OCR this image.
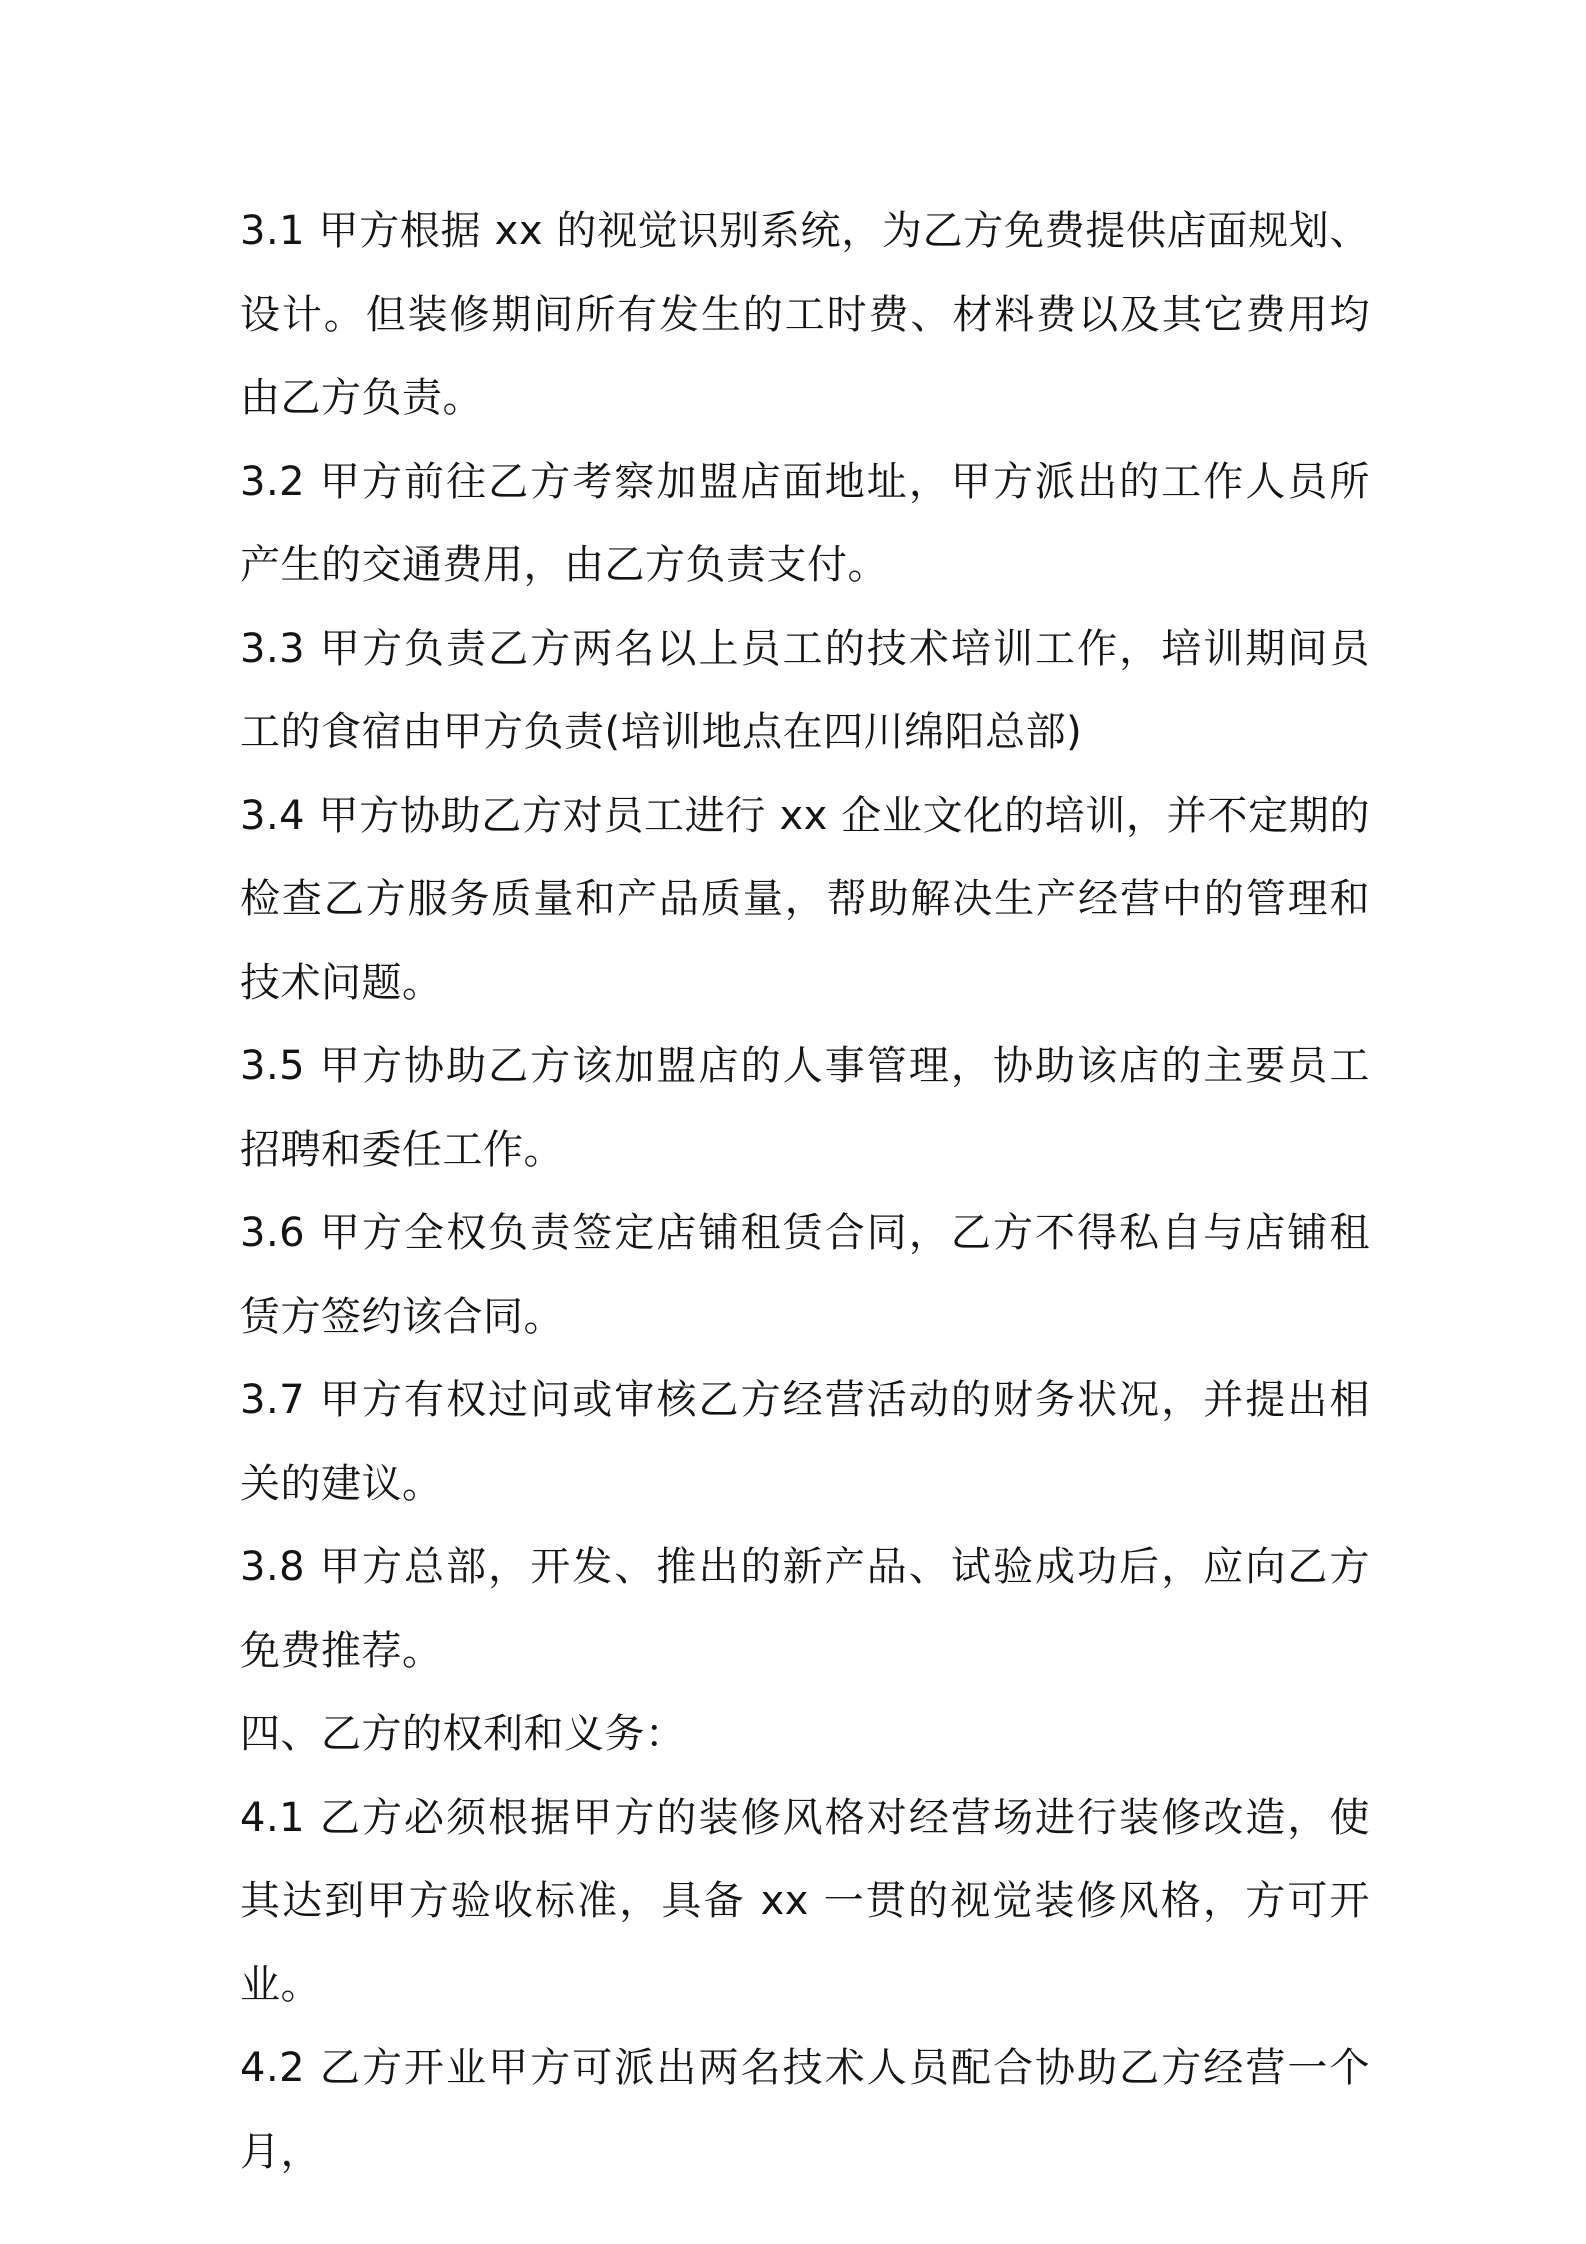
3.1 甲方根据 xx 的视觉识别系统，为乙方免费提供店面规划、设计。但装修期间所有发生的工时费、材料费以及其它费用均由乙方负责。

3.2 甲方前往乙方考察加盟店面地址，甲方派出的工作人员所产生的交通费用，由乙方负责支付。

3.3 甲方负责乙方两名以上员工的技术培训工作，培训期间员工的食宿由甲方负责(培训地点在四川绵阳总部)

3.4 甲方协助乙方对员工进行 xx 企业文化的培训，并不定期的检查乙方服务质量和产品质量，帮助解决生产经营中的管理和技术问题。

3.5 甲方协助乙方该加盟店的人事管理，协助该店的主要员工招聘和委任工作。

3.6 甲方全权负责签定店铺租赁合同，乙方不得私自与店铺租赁方签约该合同。

3.7 甲方有权过问或审核乙方经营活动的财务状况，并提出相关的建议。

3.8 甲方总部，开发、推出的新产品、试验成功后，应向乙方免费推荐。

四、乙方的权利和义务：

4.1 乙方必须根据甲方的装修风格对经营场进行装修改造，使其达到甲方验收标准，具备 xx 一贯的视觉装修风格，方可开业。

4.2 乙方开业甲方可派出两名技术人员配合协助乙方经营一个月，
